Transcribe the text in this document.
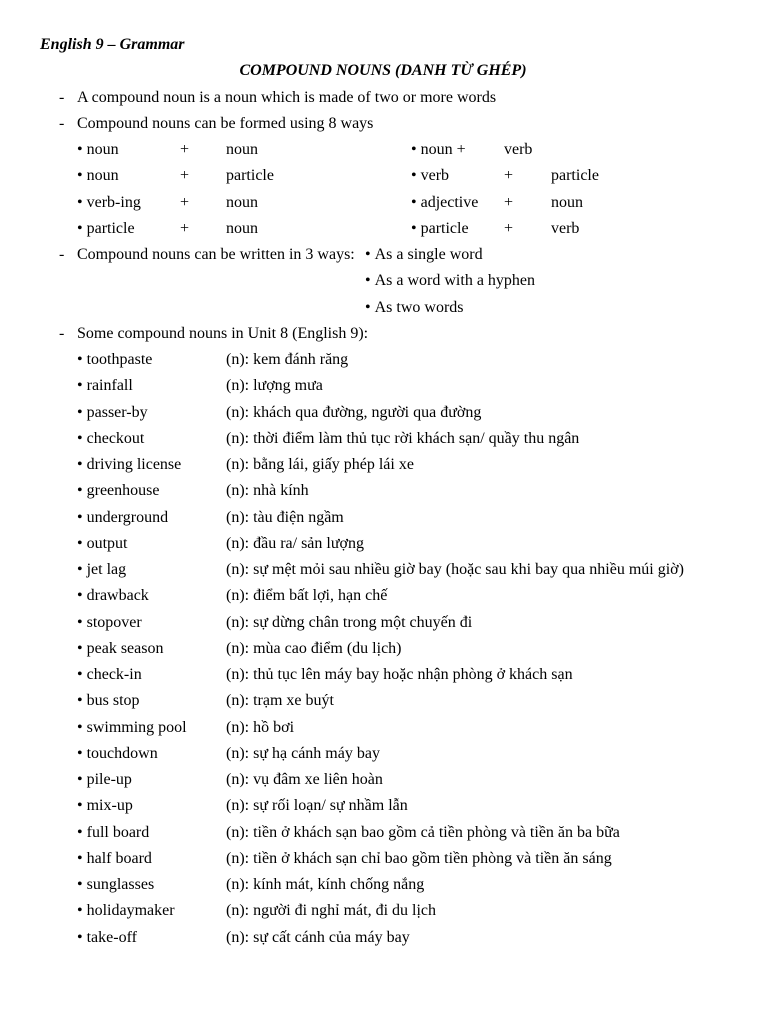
English 9 – Grammar
COMPOUND NOUNS (DANH TỪ GHÉP)
- A compound noun is a noun which is made of two or more words
- Compound nouns can be formed using 8 ways
• noun	+ noun	• noun + verb
• noun	+ particle	• verb	+ particle
• verb-ing + noun	• adjective + noun
• particle	+ noun	• particle + verb
- Compound nouns can be written in 3 ways: • As a single word
• As a word with a hyphen
• As two words
- Some compound nouns in Unit 8 (English 9):
• toothpaste	(n): kem đánh răng
• rainfall	(n): lượng mưa
• passer-by	(n): khách qua đường, người qua đường
• checkout	(n): thời điểm làm thủ tục rời khách sạn/ quầy thu ngân
• driving license	(n): bằng lái, giấy phép lái xe
• greenhouse	(n): nhà kính
• underground	(n): tàu điện ngầm
• output	(n): đầu ra/ sản lượng
• jet lag	(n): sự mệt mỏi sau nhiều giờ bay (hoặc sau khi bay qua nhiều múi giờ)
• drawback	(n): điểm bất lợi, hạn chế
• stopover	(n): sự dừng chân trong một chuyến đi
• peak season	(n): mùa cao điểm (du lịch)
• check-in	(n): thủ tục lên máy bay hoặc nhận phòng ở khách sạn
• bus stop	(n): trạm xe buýt
• swimming pool (n): hồ bơi
• touchdown	(n): sự hạ cánh máy bay
• pile-up	(n): vụ đâm xe liên hoàn
• mix-up	(n): sự rối loạn/ sự nhầm lẫn
• full board	(n): tiền ở khách sạn bao gồm cả tiền phòng và tiền ăn ba bữa
• half board	(n): tiền ở khách sạn chỉ bao gồm tiền phòng và tiền ăn sáng
• sunglasses	(n): kính mát, kính chống nắng
• holidaymaker	(n): người đi nghỉ mát, đi du lịch
• take-off	(n): sự cất cánh của máy bay
